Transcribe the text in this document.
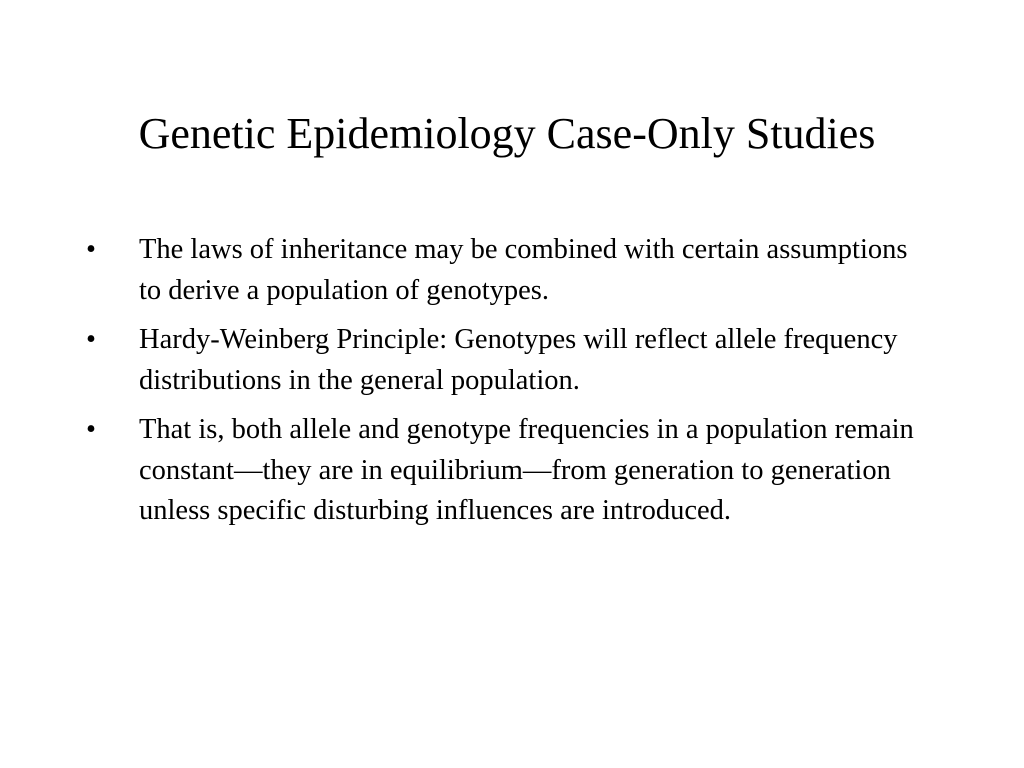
Genetic Epidemiology Case-Only Studies
•	The laws of inheritance may be combined with certain assumptions to derive a population of genotypes.
•	Hardy-Weinberg Principle: Genotypes will reflect allele frequency distributions in the general population.
•	That is, both allele and genotype frequencies in a population remain constant—they are in equilibrium—from generation to generation unless specific disturbing influences are introduced.
